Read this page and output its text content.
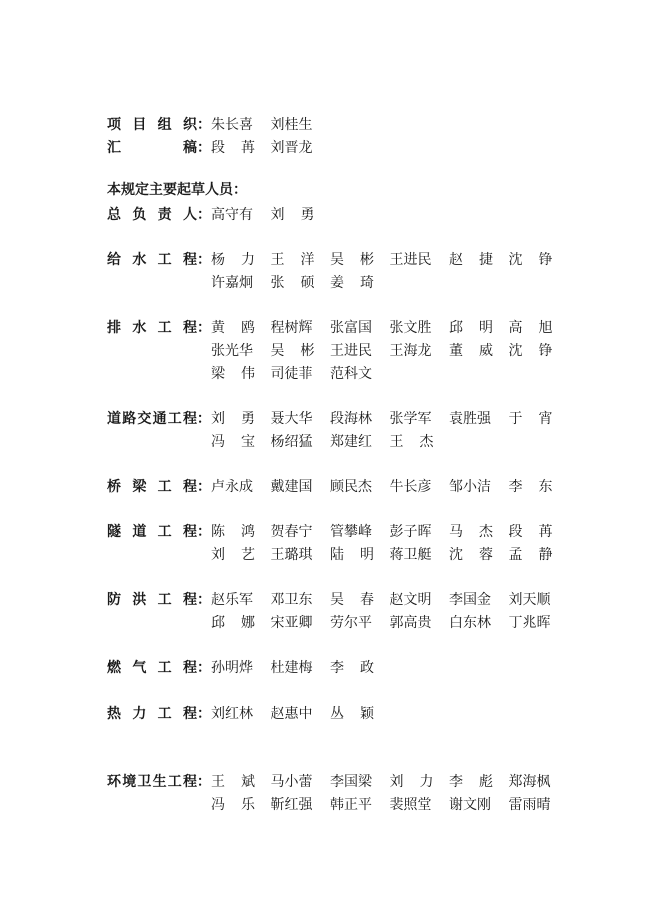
本规定主要起草人员：
项 目 组 织： 朱长喜 刘桂生
汇	稿： 段 苒 刘晋龙
总 负 责 人： 高守有 刘 勇
给 水 工 程： 杨 力 王 洋 吴 彬 王进民 赵 捷 沈 铮
许嘉炯 张 硕 姜 琦
排 水 工 程： 黄 鸥 程树辉 张富国 张文胜 邱 明 高 旭
张光华 吴 彬 王进民 王海龙 董 威 沈 铮
梁 伟 司徒菲 范科文
道 路 交 通 工 程： 刘 勇 聂大华 段海林 张学军 袁胜强 于 宵
冯 宝 杨绍猛 郑建红 王 杰
桥 梁 工 程： 卢永成 戴建国 顾民杰 牛长彦 邹小洁 李 东
隧 道 工 程： 陈 鸿 贺春宁 管攀峰 彭子晖 马 杰 段 苒
刘 艺 王璐琪 陆 明 蒋卫艇 沈 蓉 孟 静
防 洪 工 程： 赵乐军 邓卫东 吴 春 赵文明 李国金 刘天顺
邱 娜 宋亚卿 劳尔平 郭高贵 白东林 丁兆晖
燃 气 工 程： 孙明烨 杜建梅 李 政
热 力 工 程： 刘红林 赵惠中 丛 颖
环 境 卫 生 工 程： 王 斌 马小蕾 李国梁 刘 力 李 彪 郑海枫
冯 乐 靳红强 韩正平 裴照堂 谢文刚 雷雨晴
